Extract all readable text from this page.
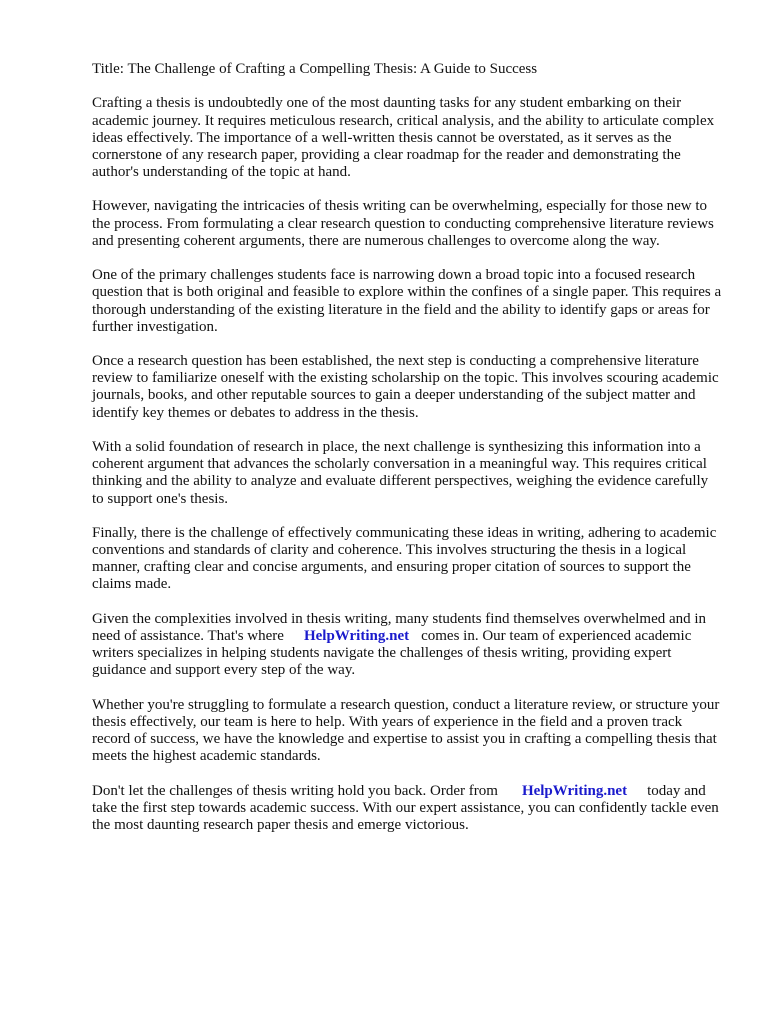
Title: The Challenge of Crafting a Compelling Thesis: A Guide to Success

Crafting a thesis is undoubtedly one of the most daunting tasks for any student embarking on their academic journey. It requires meticulous research, critical analysis, and the ability to articulate complex ideas effectively. The importance of a well-written thesis cannot be overstated, as it serves as the cornerstone of any research paper, providing a clear roadmap for the reader and demonstrating the author's understanding of the topic at hand.

However, navigating the intricacies of thesis writing can be overwhelming, especially for those new to the process. From formulating a clear research question to conducting comprehensive literature reviews and presenting coherent arguments, there are numerous challenges to overcome along the way.

One of the primary challenges students face is narrowing down a broad topic into a focused research question that is both original and feasible to explore within the confines of a single paper. This requires a thorough understanding of the existing literature in the field and the ability to identify gaps or areas for further investigation.

Once a research question has been established, the next step is conducting a comprehensive literature review to familiarize oneself with the existing scholarship on the topic. This involves scouring academic journals, books, and other reputable sources to gain a deeper understanding of the subject matter and identify key themes or debates to address in the thesis.

With a solid foundation of research in place, the next challenge is synthesizing this information into a coherent argument that advances the scholarly conversation in a meaningful way. This requires critical thinking and the ability to analyze and evaluate different perspectives, weighing the evidence carefully to support one's thesis.

Finally, there is the challenge of effectively communicating these ideas in writing, adhering to academic conventions and standards of clarity and coherence. This involves structuring the thesis in a logical manner, crafting clear and concise arguments, and ensuring proper citation of sources to support the claims made.

Given the complexities involved in thesis writing, many students find themselves overwhelmed and in need of assistance. That's where HelpWriting.net comes in. Our team of experienced academic writers specializes in helping students navigate the challenges of thesis writing, providing expert guidance and support every step of the way.

Whether you're struggling to formulate a research question, conduct a literature review, or structure your thesis effectively, our team is here to help. With years of experience in the field and a proven track record of success, we have the knowledge and expertise to assist you in crafting a compelling thesis that meets the highest academic standards.

Don't let the challenges of thesis writing hold you back. Order from HelpWriting.net today and take the first step towards academic success. With our expert assistance, you can confidently tackle even the most daunting research paper thesis and emerge victorious.
